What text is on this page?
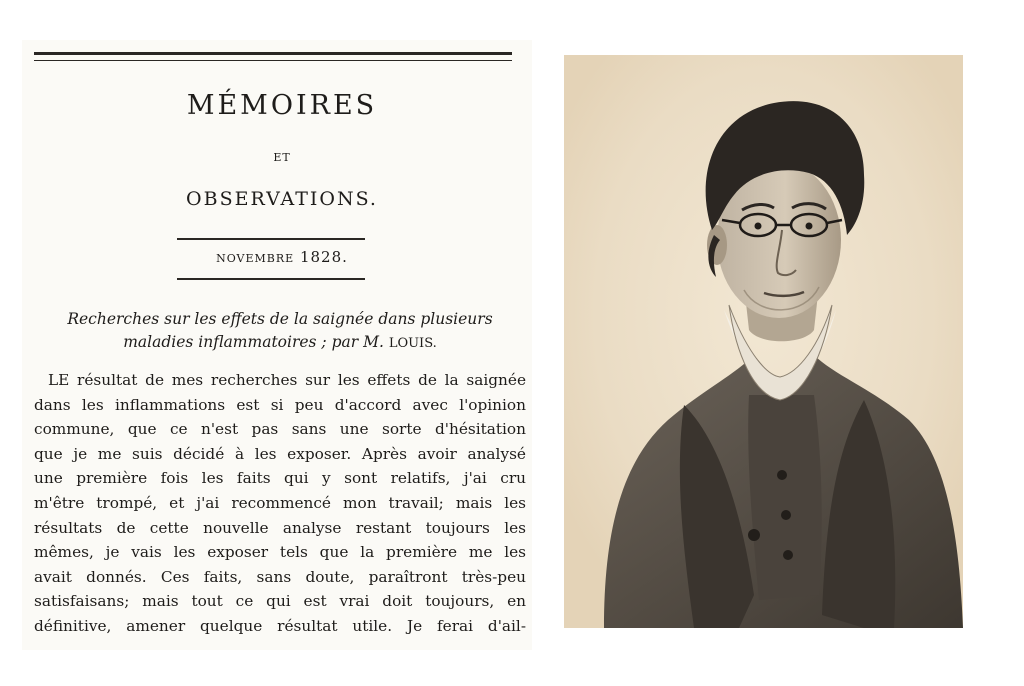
MÉMOIRES
ET
OBSERVATIONS.
NOVEMBRE 1828.
Recherches sur les effets de la saignée dans plusieurs
maladies inflammatoires ; par M. LOUIS.
LE résultat de mes recherches sur les effets de la saignée
dans les inflammations est si peu d'accord avec l'opinion
commune, que ce n'est pas sans une sorte d'hésitation
que je me suis décidé à les exposer. Après avoir analysé
une première fois les faits qui y sont relatifs, j'ai cru
m'être trompé, et j'ai recommencé mon travail; mais les
résultats de cette nouvelle analyse restant toujours les
mêmes, je vais les exposer tels que la première me les
avait donnés. Ces faits, sans doute, paraîtront très-peu
satisfaisans; mais tout ce qui est vrai doit toujours, en
définitive, amener quelque résultat utile. Je ferai d'ail-
